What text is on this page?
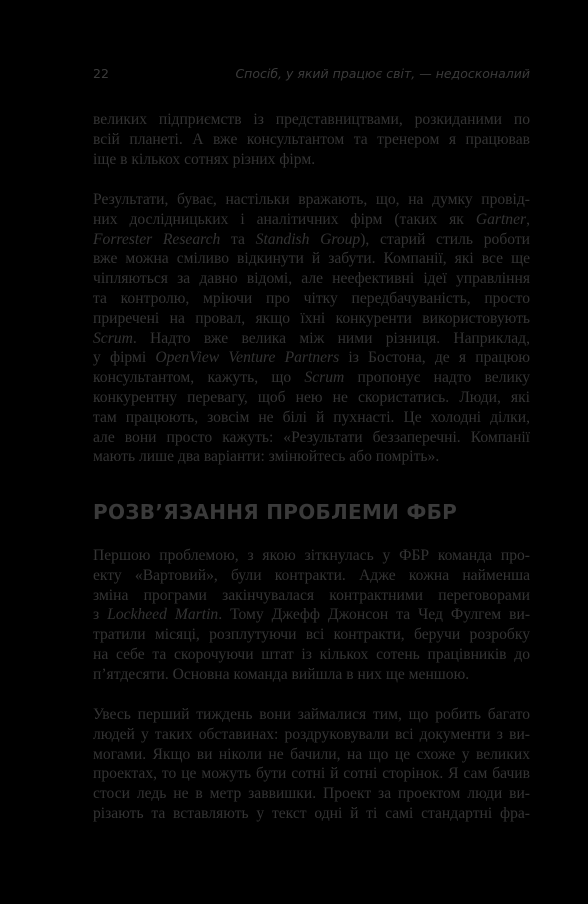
22	Спосіб, у який працює світ, — недосконалий

великих підприємств із представництвами, розкиданими по
всій планеті. А вже консультантом та тренером я працював
іще в кількох сотнях різних фірм.

Результати, буває, настільки вражають, що, на думку провід-
них дослідницьких і аналітичних фірм (таких як Gartner,
Forrester Research та Standish Group), старий стиль роботи
вже можна сміливо відкинути й забути. Компанії, які все ще
чіпляються за давно відомі, але неефективні ідеї управління
та контролю, мріючи про чітку передбачуваність, просто
приречені на провал, якщо їхні конкуренти використовують
Scrum. Надто вже велика між ними різниця. Наприклад,
у фірмі OpenView Venture Partners із Бостона, де я працюю
консультантом, кажуть, що Scrum пропонує надто велику
конкурентну перевагу, щоб нею не скористатись. Люди, які
там працюють, зовсім не білі й пухнасті. Це холодні ділки,
але вони просто кажуть: «Результати беззаперечні. Компанії
мають лише два варіанти: змінюйтесь або помріть».

РОЗВ’ЯЗАННЯ ПРОБЛЕМИ ФБР

Першою проблемою, з якою зіткнулась у ФБР команда про-
екту «Вартовий», були контракти. Адже кожна найменша
зміна програми закінчувалася контрактними переговорами
з Lockheed Martin. Тому Джефф Джонсон та Чед Фулгем ви-
тратили місяці, розплутуючи всі контракти, беручи розробку
на себе та скорочуючи штат із кількох сотень працівників до
п’ятдесяти. Основна команда вийшла в них ще меншою.

Увесь перший тиждень вони займалися тим, що робить багато
людей у таких обставинах: роздруковували всі документи з ви-
могами. Якщо ви ніколи не бачили, на що це схоже у великих
проектах, то це можуть бути сотні й сотні сторінок. Я сам бачив
стоси ледь не в метр заввишки. Проект за проектом люди ви-
різають та вставляють у текст одні й ті самі стандартні фра-
